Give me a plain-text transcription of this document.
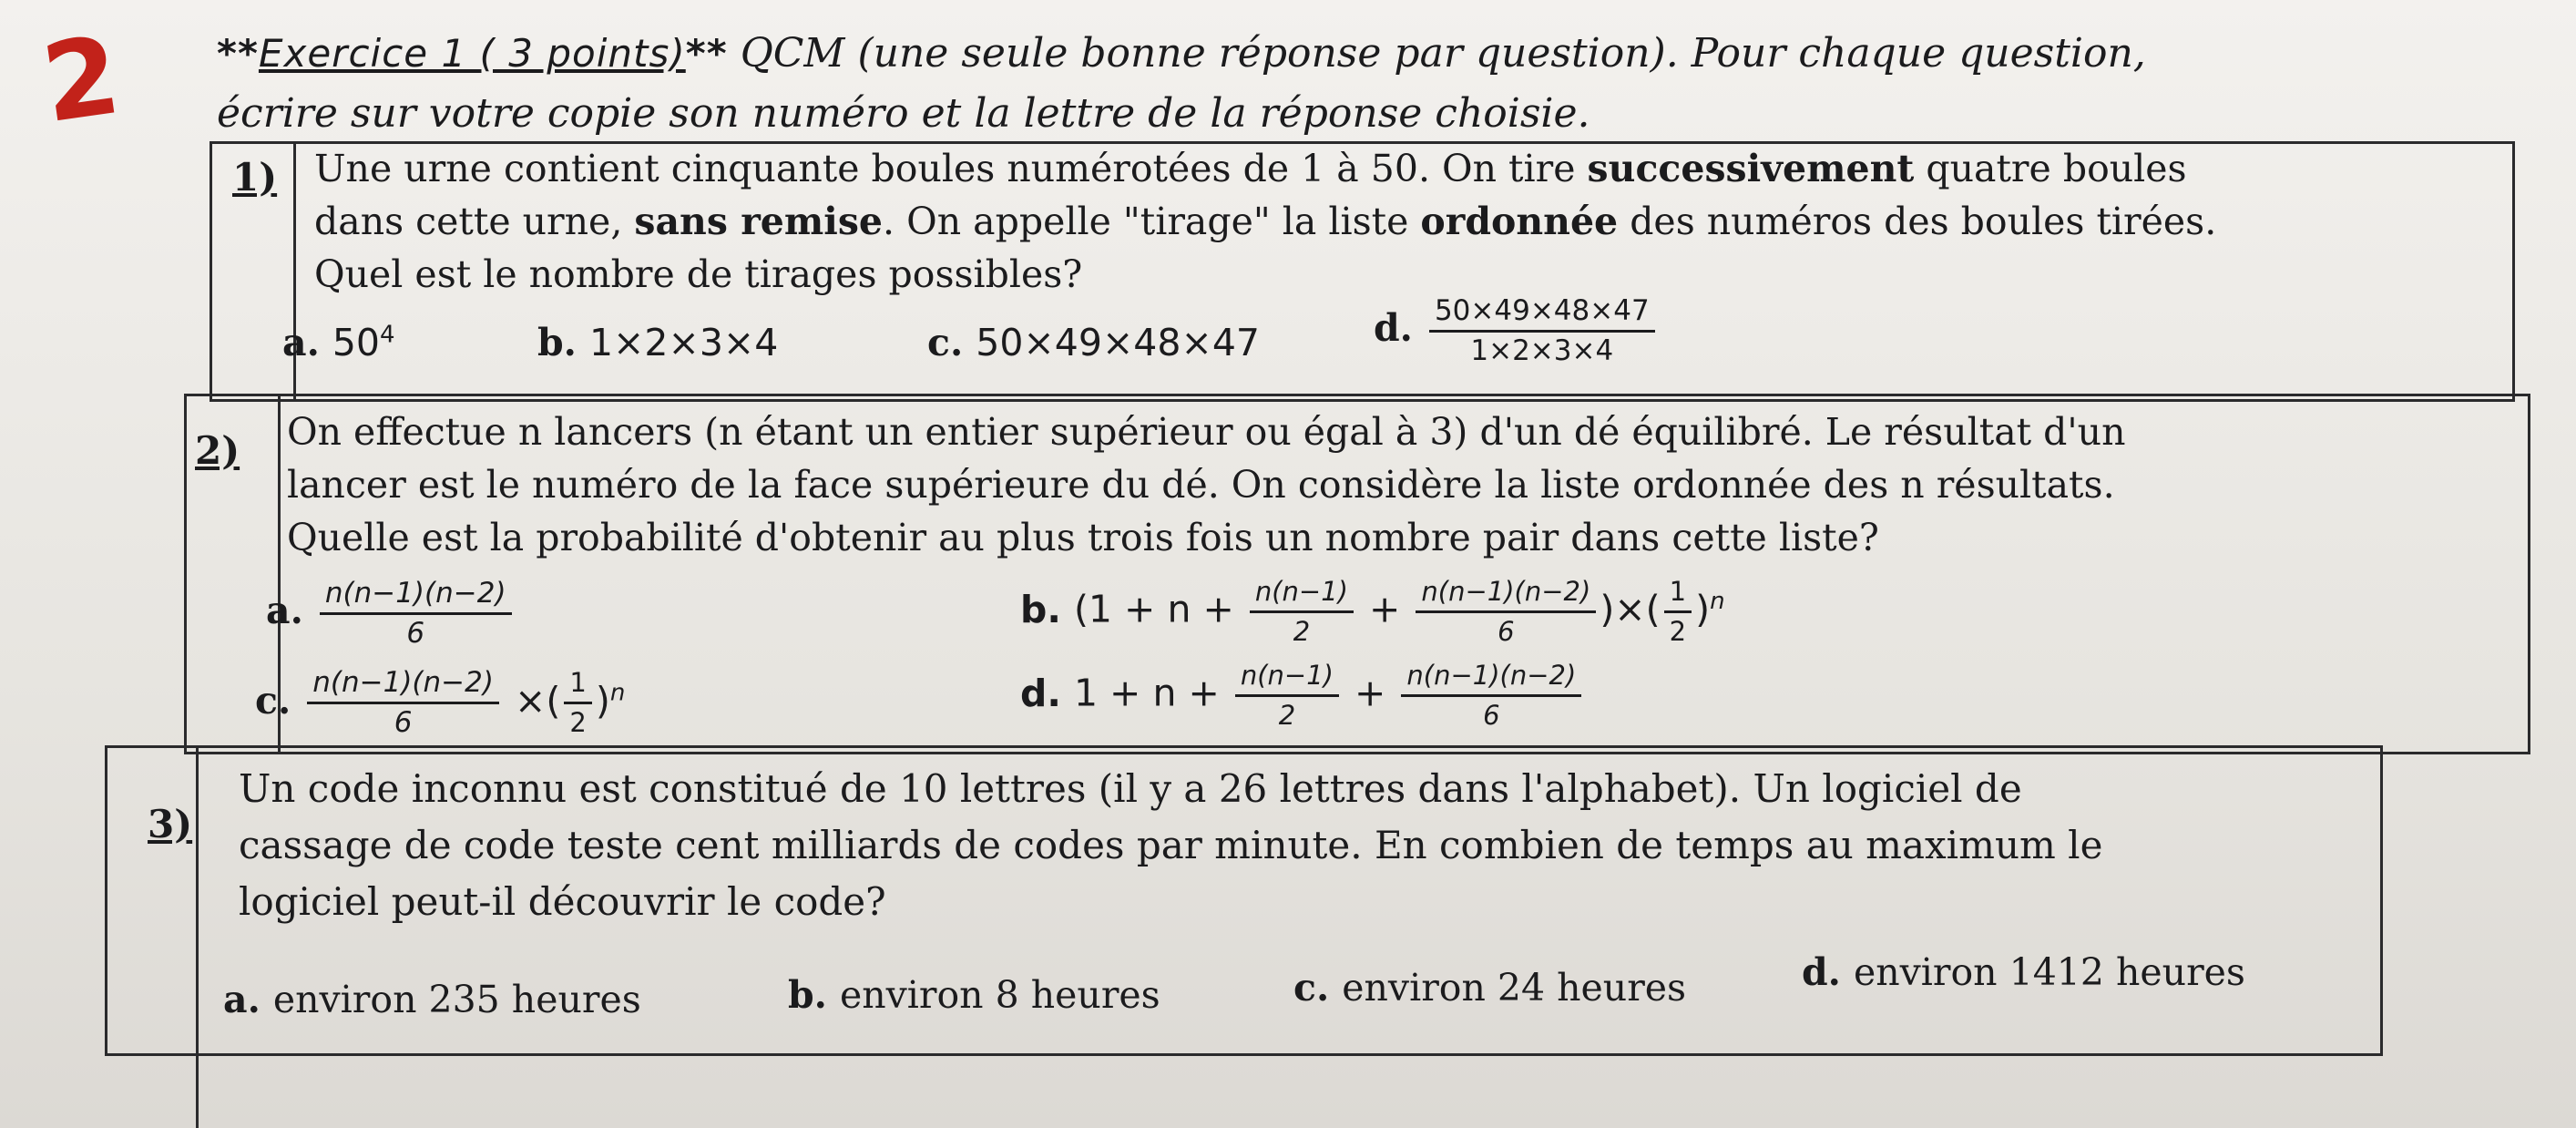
2 **Exercice 1 ( 3 points)** QCM (une seule bonne réponse par question). Pour chaque question,
écrire sur votre copie son numéro et la lettre de la réponse choisie.
1) Une urne contient cinquante boules numérotées de 1 à 50. On tire successivement quatre boules
dans cette urne, sans remise. On appelle "tirage" la liste ordonnée des numéros des boules tirées.
Quel est le nombre de tirages possibles?
a. $50^4$	b. 1×2×3×4	c. 50×49×48×47	d. $\frac{50\times 49\times 48\times 47}{1\times 2\times 3\times 4}$
2) On effectue n lancers (n étant un entier supérieur ou égal à 3) d'un dé équilibré. Le résultat d'un
lancer est le numéro de la face supérieure du dé. On considère la liste ordonnée des n résultats.
Quelle est la probabilité d'obtenir au plus trois fois un nombre pair dans cette liste?
a. $\frac{n(n-1)(n-2)}{6}$	b. ($1 + n + \frac{n(n-1)}{2} + \frac{n(n-1)(n-2)}{6}$ )×( $\frac{1}{2} )^n$
c. $\frac{n(n-1)(n-2)}{6}$ ×( $\frac{1}{2} )^n$	d. $1 + n + \frac{n(n-1)}{2} + \frac{n(n-1)(n-2)}{6}$
3)
Un code inconnu est constitué de 10 lettres (il y a 26 lettres dans l'alphabet). Un logiciel de
cassage de code teste cent milliards de codes par minute. En combien de temps au maximum le
logiciel peut-il découvrir le code?
a. environ 235 heures	b. environ 8 heures	c. environ 24 heures	d. environ 1412 heures
